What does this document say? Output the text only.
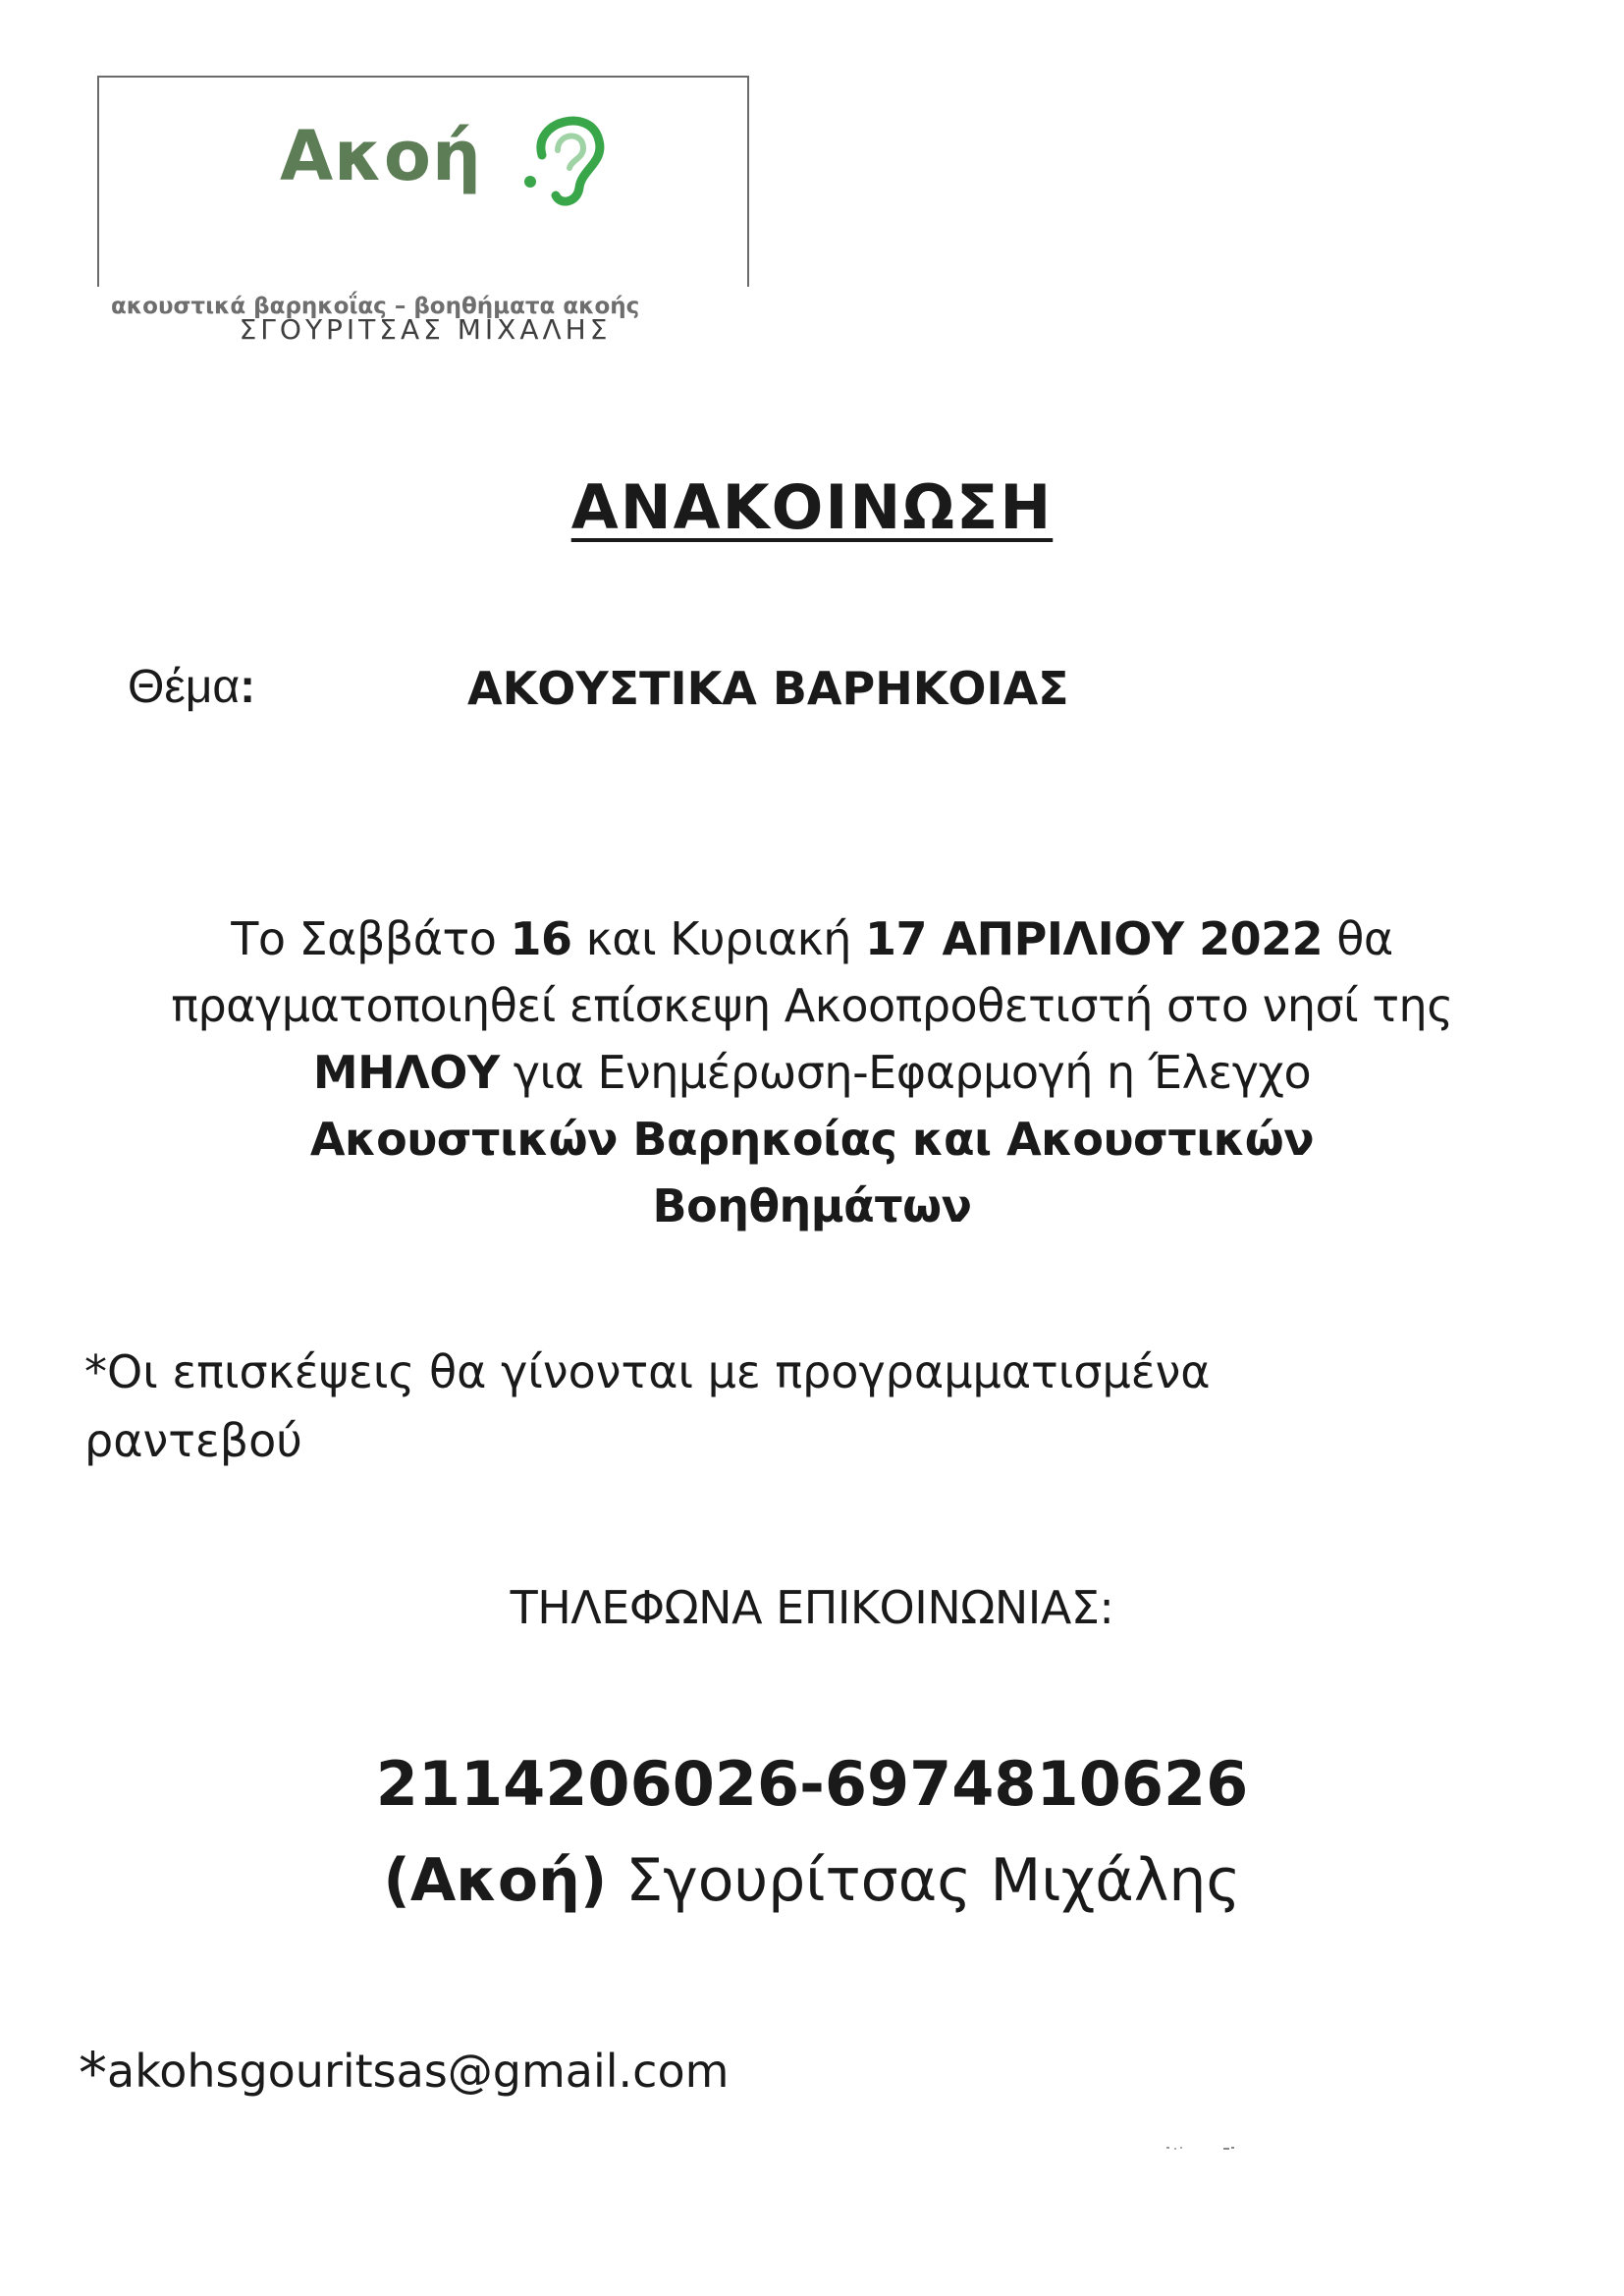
ΣΓΟΥΡΙΤΣΑΣ ΜΙΧΑΛΗΣ
Ακοή
ακουστικά βαρηκοΐας – βοηθήματα ακοής
ΑΝΑΚΟΙΝΩΣΗ
Θέμα:	ΑΚΟΥΣΤΙΚΑ ΒΑΡΗΚΟΙΑΣ
Το Σαββάτο 16 και Κυριακή 17 ΑΠΡΙΛΙΟΥ 2022 θα
πραγματοποιηθεί επίσκεψη Ακοοπροθετιστή στο νησί της
ΜΗΛΟΥ για Ενημέρωση-Εφαρμογή η Έλεγχο
Ακουστικών Βαρηκοίας και Ακουστικών
Βοηθημάτων
*Οι επισκέψεις θα γίνονται με προγραμματισμένα
ραντεβού
ΤΗΛΕΦΩΝΑ ΕΠΙΚΟΙΝΩΝΙΑΣ:
2114206026-6974810626
(Ακοή) Σγουρίτσας Μιχάλης
*akohsgouritsas@gmail.com
